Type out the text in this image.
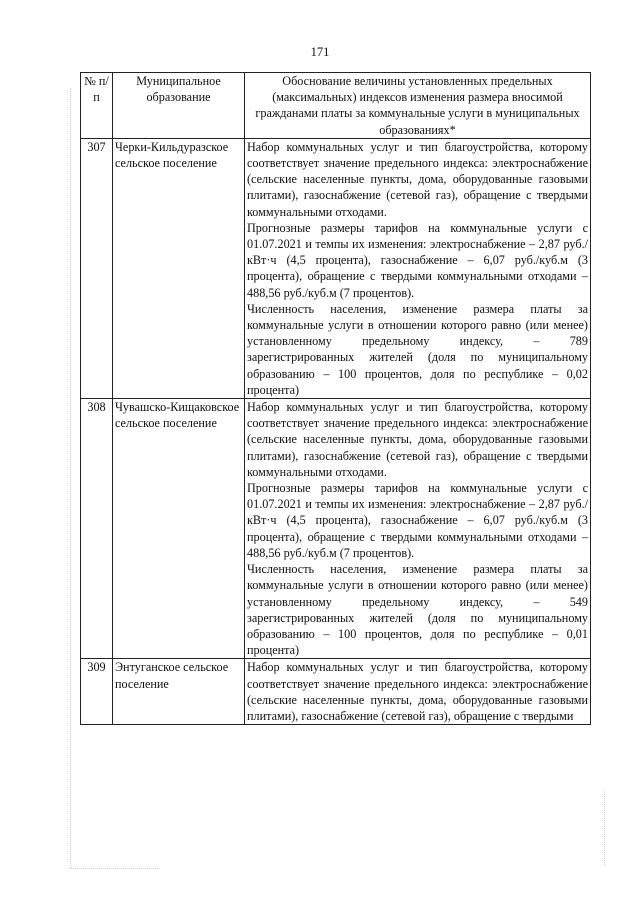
171
№ п/п	Муниципальное образование	Обоснование величины установленных предельных (максимальных) индексов изменения размера вносимой гражданами платы за коммунальные услуги в муниципальных образованиях*
307	Черки-Кильдуразское сельское поселение	Набор коммунальных услуг и тип благоустройства, которому соответствует значение предельного индекса: электроснабжение (сельские населенные пункты, дома, оборудованные газовыми плитами), газоснабжение (сетевой газ), обращение с твердыми коммунальными отходами.
Прогнозные размеры тарифов на коммунальные услуги с 01.07.2021 и темпы их изменения: электроснабжение – 2,87 руб./кВт·ч (4,5 процента), газоснабжение – 6,07 руб./куб.м (3 процента), обращение с твердыми коммунальными отходами – 488,56 руб./куб.м (7 процентов).
Численность населения, изменение размера платы за коммунальные услуги в отношении которого равно (или менее) установленному предельному индексу, – 789 зарегистрированных жителей (доля по муниципальному образованию – 100 процентов, доля по республике – 0,02 процента)

308	Чувашско-Кищаковское сельское поселение	Набор коммунальных услуг и тип благоустройства, которому соответствует значение предельного индекса: электроснабжение (сельские населенные пункты, дома, оборудованные газовыми плитами), газоснабжение (сетевой газ), обращение с твердыми коммунальными отходами.
Прогнозные размеры тарифов на коммунальные услуги с 01.07.2021 и темпы их изменения: электроснабжение – 2,87 руб./кВт·ч (4,5 процента), газоснабжение – 6,07 руб./куб.м (3 процента), обращение с твердыми коммунальными отходами – 488,56 руб./куб.м (7 процентов).
Численность населения, изменение размера платы за коммунальные услуги в отношении которого равно (или менее) установленному предельному индексу, – 549 зарегистрированных жителей (доля по муниципальному образованию – 100 процентов, доля по республике – 0,01 процента)

309	Энтуганское сельское поселение	Набор коммунальных услуг и тип благоустройства, которому соответствует значение предельного индекса: электроснабжение (сельские населенные пункты, дома, оборудованные газовыми плитами), газоснабжение (сетевой газ), обращение с твердыми
